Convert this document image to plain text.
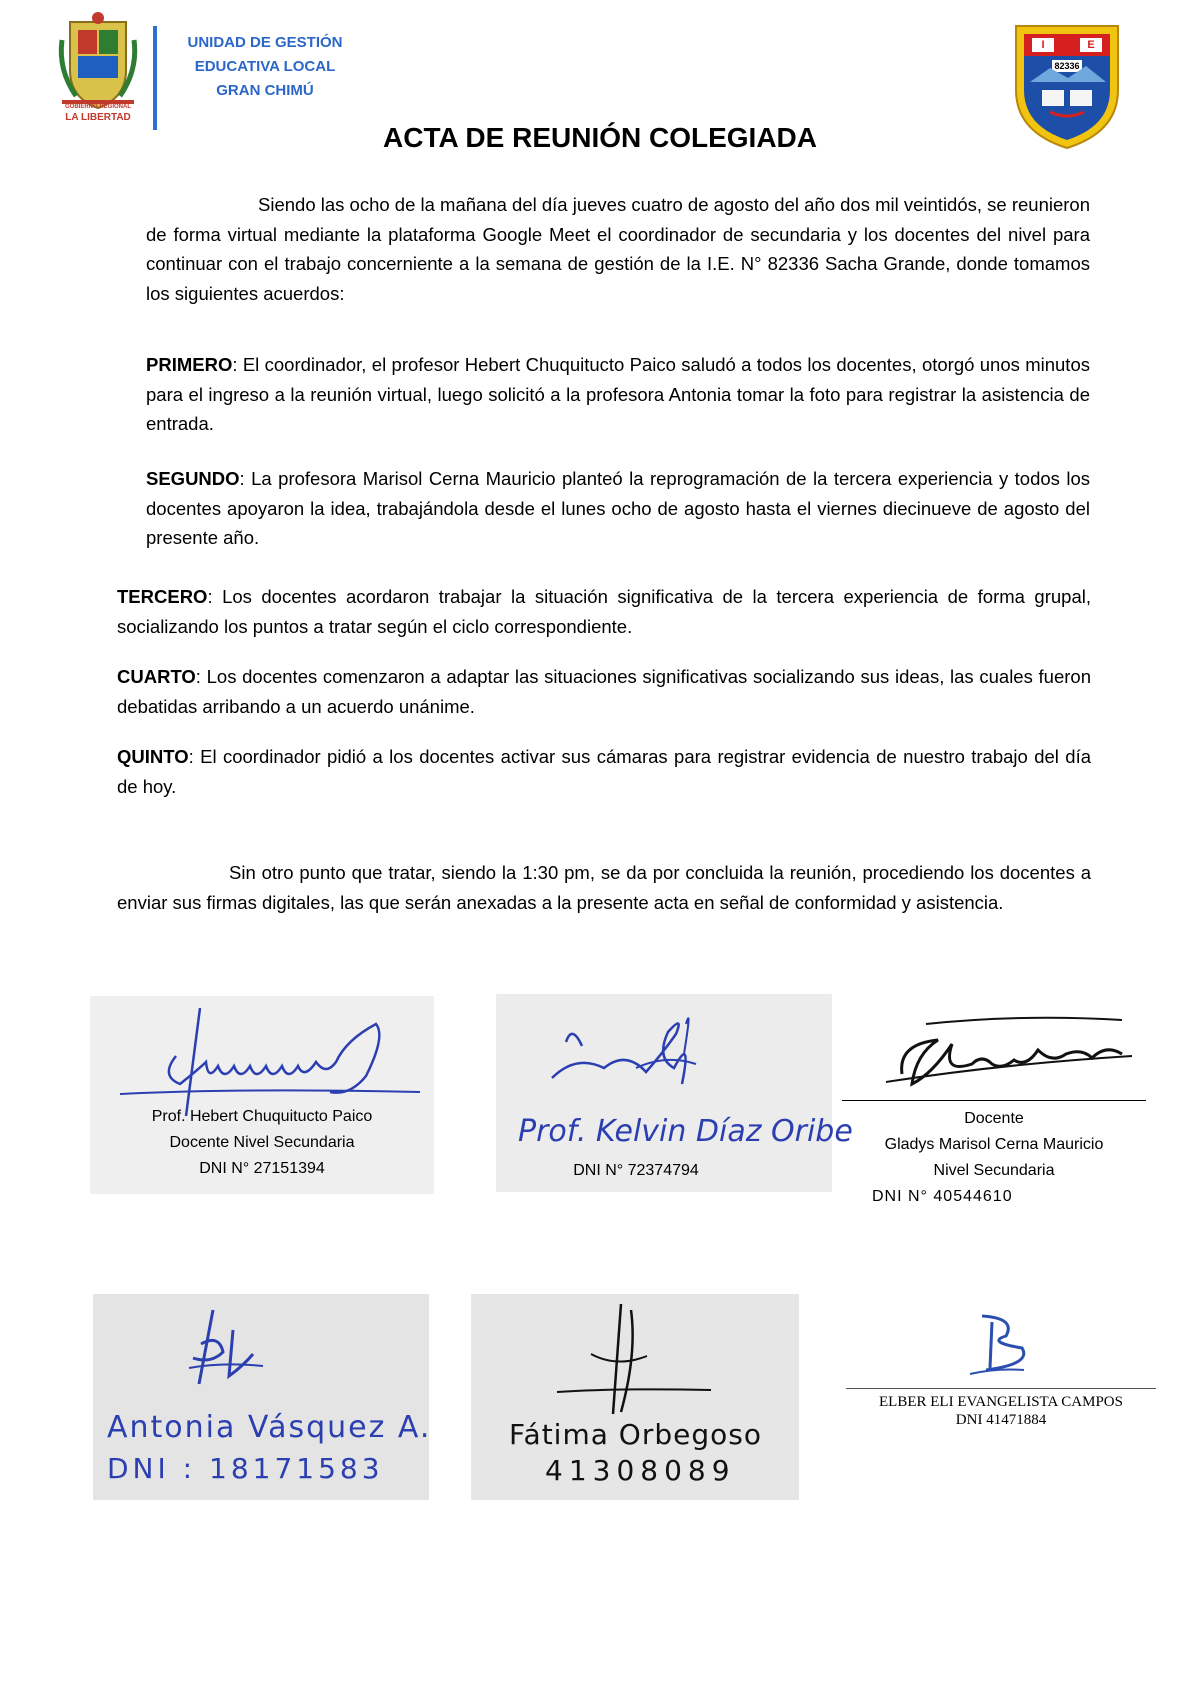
GOBIERNO REGIONAL
LA LIBERTAD
UNIDAD DE GESTIÓN
EDUCATIVA LOCAL
GRAN CHIMÚ
I	E
82336
ACTA DE REUNIÓN COLEGIADA
Siendo las ocho de la mañana del día jueves cuatro de agosto del año dos mil veintidós, se reunieron de forma virtual mediante la plataforma Google Meet el coordinador de secundaria y los docentes del nivel para continuar con el trabajo concerniente a la semana de gestión de la I.E. N° 82336 Sacha Grande, donde tomamos los siguientes acuerdos:
PRIMERO: El coordinador, el profesor Hebert Chuquitucto Paico saludó a todos los docentes, otorgó unos minutos para el ingreso a la reunión virtual, luego solicitó a la profesora Antonia tomar la foto para registrar la asistencia de entrada.
SEGUNDO: La profesora Marisol Cerna Mauricio planteó la reprogramación de la tercera experiencia y todos los docentes apoyaron la idea, trabajándola desde el lunes ocho de agosto hasta el viernes diecinueve de agosto del presente año.
TERCERO: Los docentes acordaron trabajar la situación significativa de la tercera experiencia de forma grupal, socializando los puntos a tratar según el ciclo correspondiente.
CUARTO: Los docentes comenzaron a adaptar las situaciones significativas socializando sus ideas, las cuales fueron debatidas arribando a un acuerdo unánime.
QUINTO: El coordinador pidió a los docentes activar sus cámaras para registrar evidencia de nuestro trabajo del día de hoy.
Sin otro punto que tratar, siendo la 1:30 pm, se da por concluida la reunión, procediendo los docentes a enviar sus firmas digitales, las que serán anexadas a la presente acta en señal de conformidad y asistencia.
Prof. Hebert Chuquitucto Paico
Docente Nivel Secundaria
DNI N° 27151394
Prof. Kelvin Díaz Oribe
DNI N° 72374794
Docente
Gladys Marisol Cerna Mauricio
Nivel Secundaria
DNI N° 40544610
Antonia Vásquez A.
DNI : 18171583
Fátima Orbegoso
41308089
ELBER ELI EVANGELISTA CAMPOS
DNI 41471884
